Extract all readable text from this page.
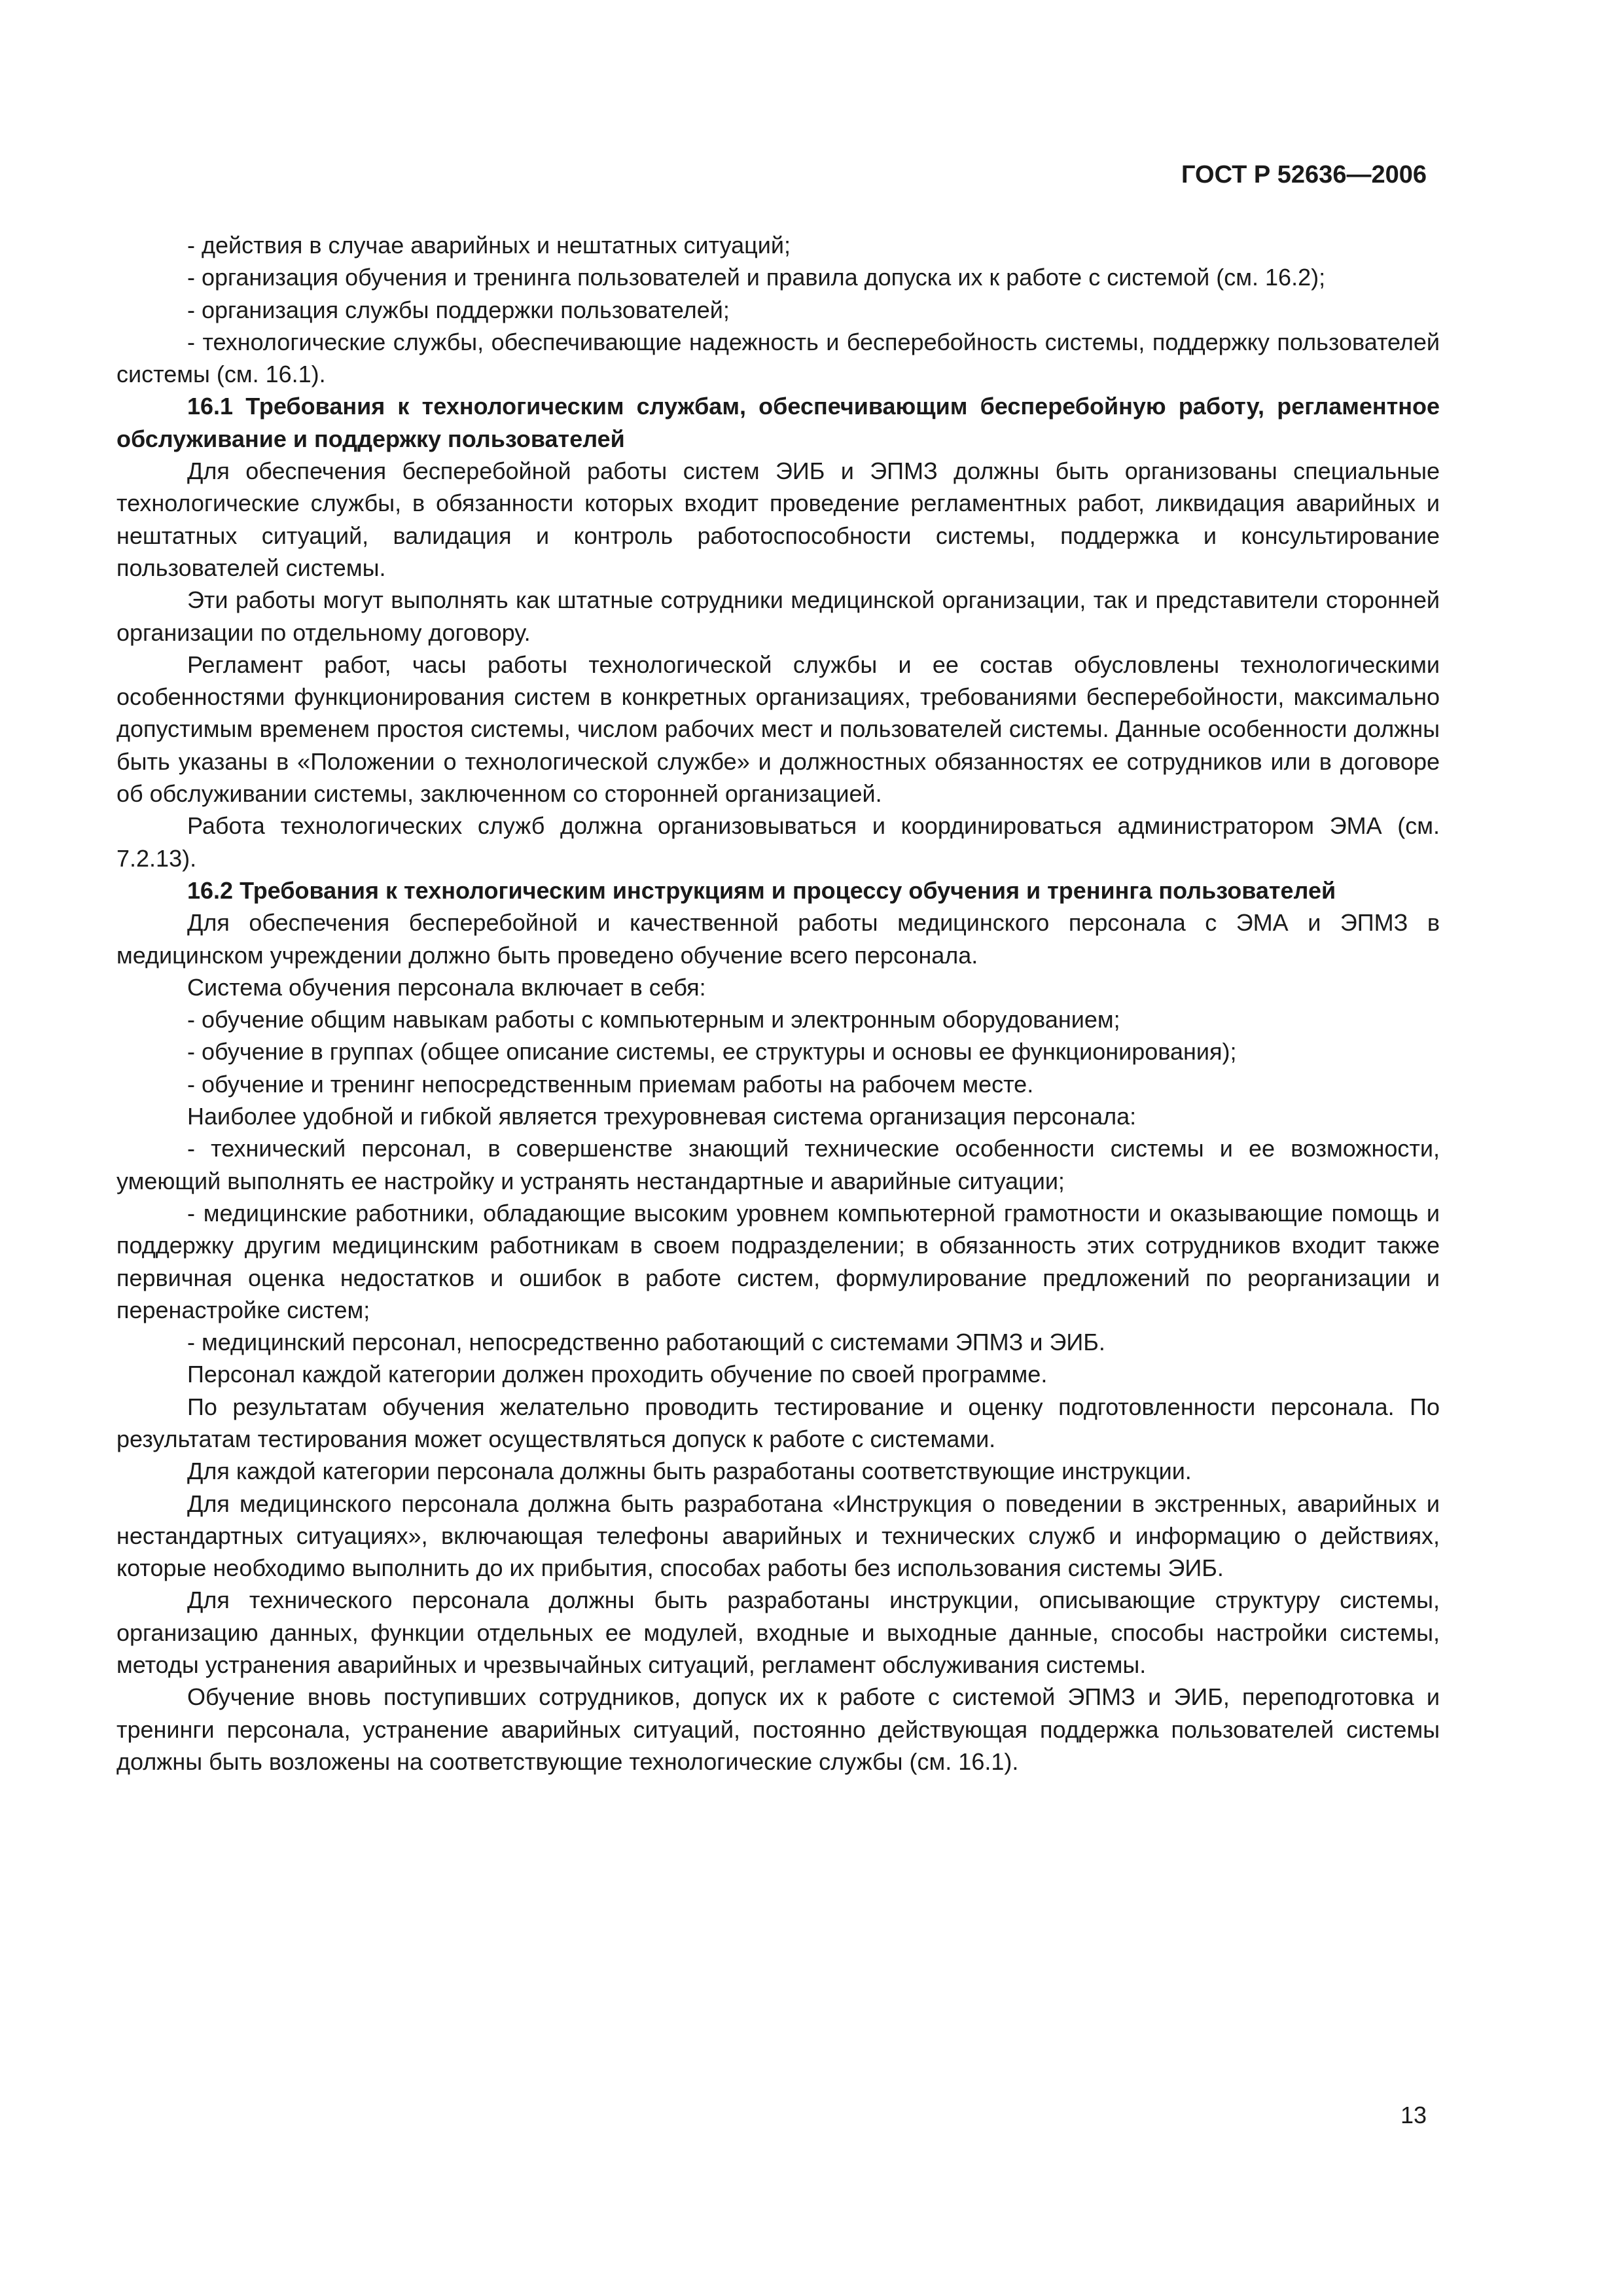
ГОСТ Р 52636—2006

- действия в случае аварийных и нештатных ситуаций;

- организация обучения и тренинга пользователей и правила допуска их к работе с системой (см. 16.2);

- организация службы поддержки пользователей;

- технологические службы, обеспечивающие надежность и бесперебойность системы, поддержку пользователей системы (см. 16.1).

16.1 Требования к технологическим службам, обеспечивающим бесперебойную работу, регламентное обслуживание и поддержку пользователей

Для обеспечения бесперебойной работы систем ЭИБ и ЭПМЗ должны быть организованы специальные технологические службы, в обязанности которых входит проведение регламентных работ, ликвидация аварийных и нештатных ситуаций, валидация и контроль работоспособности системы, поддержка и консультирование пользователей системы.

Эти работы могут выполнять как штатные сотрудники медицинской организации, так и представители сторонней организации по отдельному договору.

Регламент работ, часы работы технологической службы и ее состав обусловлены технологическими особенностями функционирования систем в конкретных организациях, требованиями бесперебойности, максимально допустимым временем простоя системы, числом рабочих мест и пользователей системы. Данные особенности должны быть указаны в «Положении о технологической службе» и должностных обязанностях ее сотрудников или в договоре об обслуживании системы, заключенном со сторонней организацией.

Работа технологических служб должна организовываться и координироваться администратором ЭМА (см. 7.2.13).

16.2 Требования к технологическим инструкциям и процессу обучения и тренинга пользователей

Для обеспечения бесперебойной и качественной работы медицинского персонала с ЭМА и ЭПМЗ в медицинском учреждении должно быть проведено обучение всего персонала.

Система обучения персонала включает в себя:

- обучение общим навыкам работы с компьютерным и электронным оборудованием;

- обучение в группах (общее описание системы, ее структуры и основы ее функционирования);

- обучение и тренинг непосредственным приемам работы на рабочем месте.

Наиболее удобной и гибкой является трехуровневая система организация персонала:

- технический персонал, в совершенстве знающий технические особенности системы и ее возможности, умеющий выполнять ее настройку и устранять нестандартные и аварийные ситуации;

- медицинские работники, обладающие высоким уровнем компьютерной грамотности и оказывающие помощь и поддержку другим медицинским работникам в своем подразделении; в обязанность этих сотрудников входит также первичная оценка недостатков и ошибок в работе систем, формулирование предложений по реорганизации и перенастройке систем;

- медицинский персонал, непосредственно работающий с системами ЭПМЗ и ЭИБ.

Персонал каждой категории должен проходить обучение по своей программе.

По результатам обучения желательно проводить тестирование и оценку подготовленности персонала. По результатам тестирования может осуществляться допуск к работе с системами.

Для каждой категории персонала должны быть разработаны соответствующие инструкции.

Для медицинского персонала должна быть разработана «Инструкция о поведении в экстренных, аварийных и нестандартных ситуациях», включающая телефоны аварийных и технических служб и информацию о действиях, которые необходимо выполнить до их прибытия, способах работы без использования системы ЭИБ.

Для технического персонала должны быть разработаны инструкции, описывающие структуру системы, организацию данных, функции отдельных ее модулей, входные и выходные данные, способы настройки системы, методы устранения аварийных и чрезвычайных ситуаций, регламент обслуживания системы.

Обучение вновь поступивших сотрудников, допуск их к работе с системой ЭПМЗ и ЭИБ, переподготовка и тренинги персонала, устранение аварийных ситуаций, постоянно действующая поддержка пользователей системы должны быть возложены на соответствующие технологические службы (см. 16.1).

13
